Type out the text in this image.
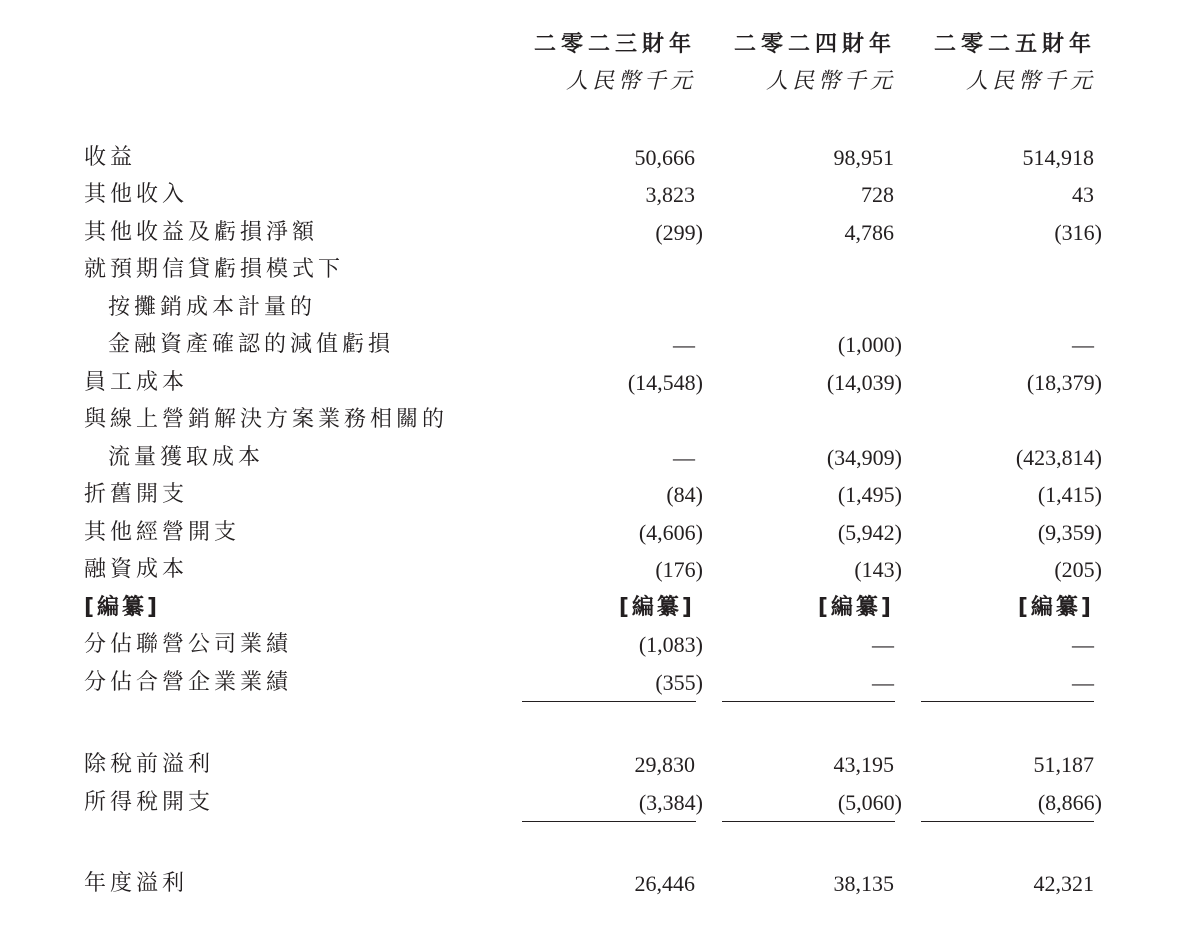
二零二三財年
人民幣千元
二零二四財年
人民幣千元
二零二五財年
人民幣千元
收益
其他收入
其他收益及虧損淨額
就預期信貸虧損模式下
按攤銷成本計量的
金融資產確認的減值虧損
員工成本
與線上營銷解決方案業務相關的
流量獲取成本
折舊開支
其他經營開支
融資成本
[編纂]
分佔聯營公司業績
分佔合營企業業績
除稅前溢利
所得稅開支
年度溢利
50,666
3,823
(299)
—
(14,548)
—
(84)
(4,606)
(176)
[編纂]
(1,083)
(355)
29,830
(3,384)
26,446
98,951
728
4,786
(1,000)
(14,039)
(34,909)
(1,495)
(5,942)
(143)
[編纂]
—
—
43,195
(5,060)
38,135
514,918
43
(316)
—
(18,379)
(423,814)
(1,415)
(9,359)
(205)
[編纂]
—
—
51,187
(8,866)
42,321
